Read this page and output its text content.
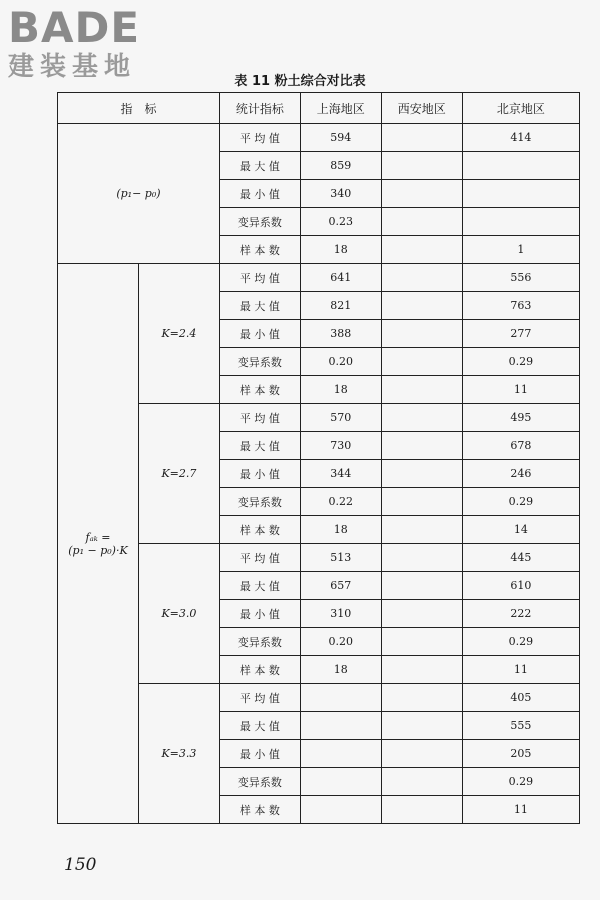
BADE
建装基地	表 11 粉土综合对比表
指　标		统计指标	上海地区	西安地区	北京地区
(p₁− p₀)		平 均 值	594		414
		最 大 值	859		
		最 小 值	340		
		变异系数	0.23		
		样 本 数	18		1

fₐₖ =
(p₁ − p₀)·K	K=2.4	平 均 值	641		556
		最 大 值	821		763
		最 小 值	388		277
		变异系数	0.20		0.29
		样 本 数	18		11
	K=2.7	平 均 值	570		495
		最 大 值	730		678
		最 小 值	344		246
		变异系数	0.22		0.29
		样 本 数	18		14
	K=3.0	平 均 值	513		445
		最 大 值	657		610
		最 小 值	310		222
		变异系数	0.20		0.29
		样 本 数	18		11
	K=3.3	平 均 值			405
		最 大 值			555
		最 小 值			205
		变异系数			0.29
		样 本 数			11
150
